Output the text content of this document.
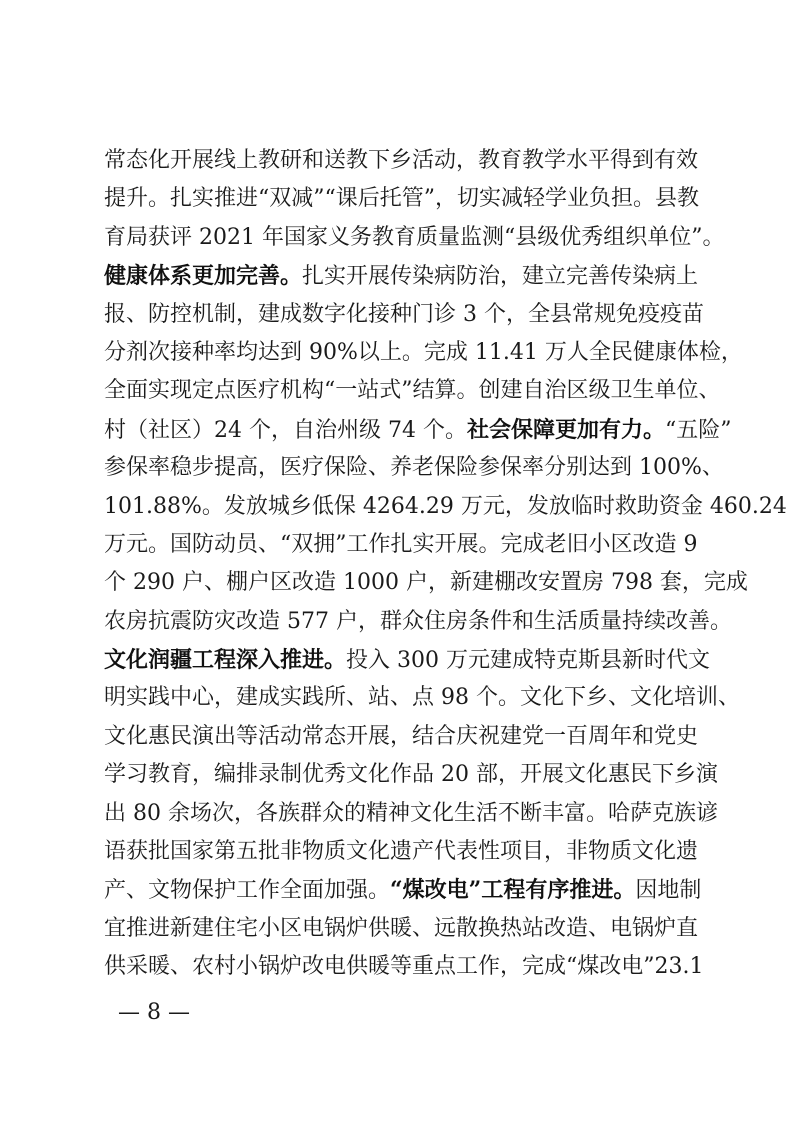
常态化开展线上教研和送教下乡活动，教育教学水平得到有效
提升。扎实推进“双减”“课后托管”，切实减轻学业负担。县教
育局获评 2021 年国家义务教育质量监测“县级优秀组织单位”。
健康体系更加完善。扎实开展传染病防治，建立完善传染病上
报、防控机制，建成数字化接种门诊 3 个，全县常规免疫疫苗
分剂次接种率均达到 90%以上。完成 11.41 万人全民健康体检，
全面实现定点医疗机构“一站式”结算。创建自治区级卫生单位、
村（社区）24 个，自治州级 74 个。社会保障更加有力。“五险”
参保率稳步提高，医疗保险、养老保险参保率分别达到 100%、
101.88%。发放城乡低保 4264.29 万元，发放临时救助资金 460.24
万元。国防动员、“双拥”工作扎实开展。完成老旧小区改造 9
个 290 户、棚户区改造 1000 户，新建棚改安置房 798 套，完成
农房抗震防灾改造 577 户，群众住房条件和生活质量持续改善。
文化润疆工程深入推进。投入 300 万元建成特克斯县新时代文
明实践中心，建成实践所、站、点 98 个。文化下乡、文化培训、
文化惠民演出等活动常态开展，结合庆祝建党一百周年和党史
学习教育，编排录制优秀文化作品 20 部，开展文化惠民下乡演
出 80 余场次，各族群众的精神文化生活不断丰富。哈萨克族谚
语获批国家第五批非物质文化遗产代表性项目，非物质文化遗
产、文物保护工作全面加强。“煤改电”工程有序推进。因地制
宜推进新建住宅小区电锅炉供暖、远散换热站改造、电锅炉直
供采暖、农村小锅炉改电供暖等重点工作，完成“煤改电”23.1
— 8 —
